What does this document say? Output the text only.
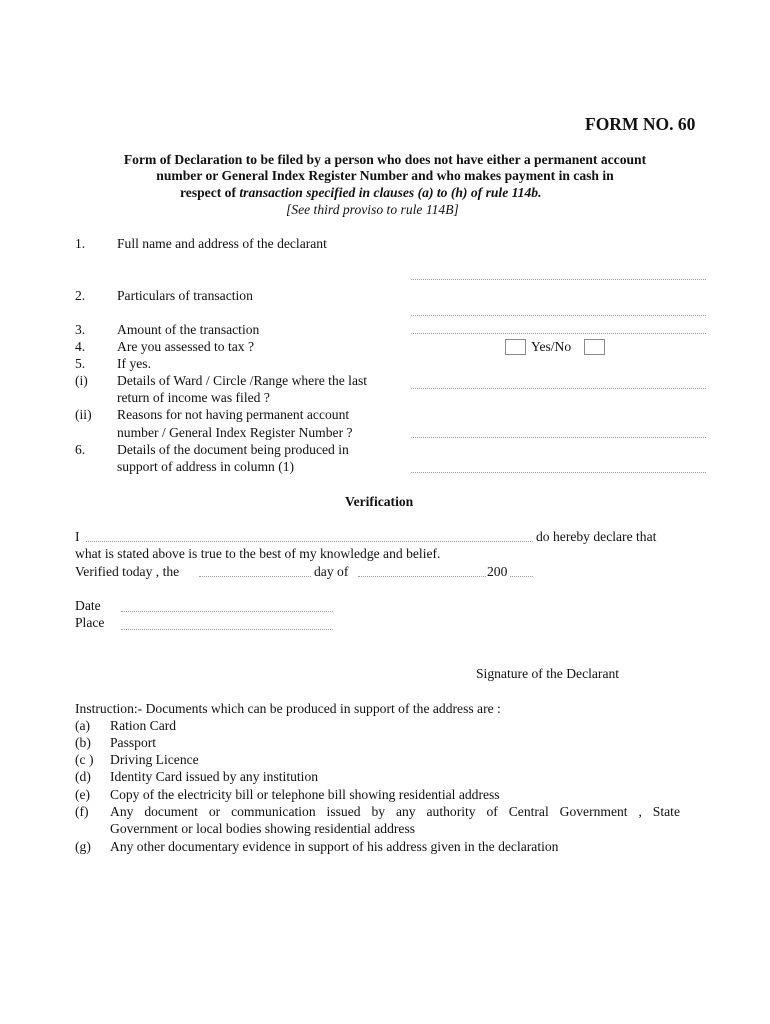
FORM NO. 60
Form of Declaration to be filed by a person who does not have either a permanent account
number or General Index Register Number and who makes payment in cash in
respect of transaction specified in clauses (a) to (h) of rule 114b.
[See third proviso to rule 114B]
1. Full name and address of the declarant
2. Particulars of transaction
3. Amount of the transaction
4. Are you assessed to tax ?	Yes/No
5. If yes.
(i) Details of Ward / Circle /Range where the last
return of income was filed ?
(ii) Reasons for not having permanent account
number / General Index Register Number ?
6. Details of the document being produced in
support of address in column (1)
Verification
I	do hereby declare that
what is stated above is true to the best of my knowledge and belief.
Verified today , the	day of	200
Date
Place
Signature of the Declarant
Instruction:- Documents which can be produced in support of the address are :
(a) Ration Card
(b) Passport
(c ) Driving Licence
(d) Identity Card issued by any institution
(e) Copy of the electricity bill or telephone bill showing residential address
(f) Any document or communication issued by any authority of Central Government , State
Government or local bodies showing residential address
(g) Any other documentary evidence in support of his address given in the declaration
